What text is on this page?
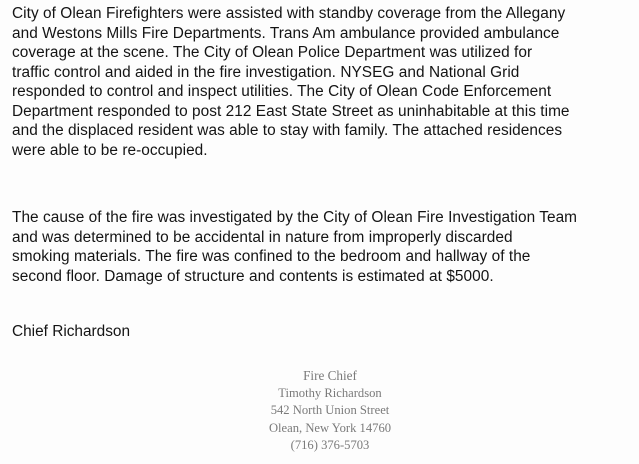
City of Olean Firefighters were assisted with standby coverage from the Allegany
and Westons Mills Fire Departments. Trans Am ambulance provided ambulance
coverage at the scene. The City of Olean Police Department was utilized for
traffic control and aided in the fire investigation. NYSEG and National Grid
responded to control and inspect utilities. The City of Olean Code Enforcement
Department responded to post 212 East State Street as uninhabitable at this time
and the displaced resident was able to stay with family. The attached residences
were able to be re-occupied.

The cause of the fire was investigated by the City of Olean Fire Investigation Team
and was determined to be accidental in nature from improperly discarded
smoking materials. The fire was confined to the bedroom and hallway of the
second floor. Damage of structure and contents is estimated at $5000.

Chief Richardson

Fire Chief
Timothy Richardson
542 North Union Street
Olean, New York 14760
(716) 376-5703
